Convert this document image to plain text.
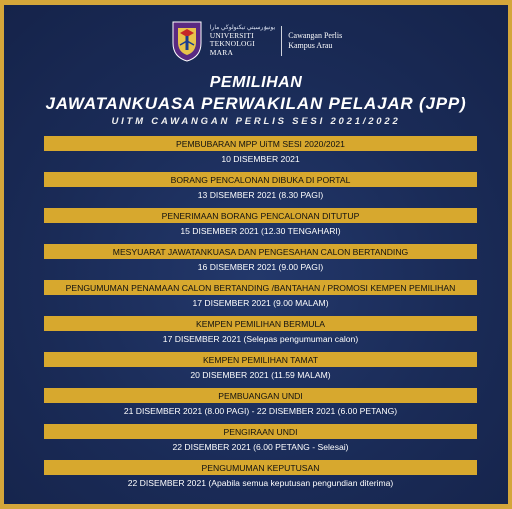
يونيۏرسيتي تيكنولوڬي مارا
UNIVERSITI
TEKNOLOGI
MARA
Cawangan Perlis
Kampus Arau
PEMILIHAN
JAWATANKUASA PERWAKILAN PELAJAR (JPP)
UITM CAWANGAN PERLIS SESI 2021/2022
PEMBUBARAN MPP UiTM SESI 2020/2021
10 DISEMBER 2021
BORANG PENCALONAN DIBUKA DI PORTAL
13 DISEMBER 2021 (8.30 PAGI)
PENERIMAAN BORANG PENCALONAN DITUTUP
15 DISEMBER 2021 (12.30 TENGAHARI)
MESYUARAT JAWATANKUASA DAN PENGESAHAN CALON BERTANDING
16 DISEMBER 2021 (9.00 PAGI)
PENGUMUMAN PENAMAAN CALON BERTANDING /BANTAHAN / PROMOSI KEMPEN PEMILIHAN
17 DISEMBER 2021 (9.00 MALAM)
KEMPEN PEMILIHAN BERMULA
17 DISEMBER 2021 (Selepas pengumuman calon)
KEMPEN PEMILIHAN TAMAT
20 DISEMBER 2021 (11.59 MALAM)
PEMBUANGAN UNDI
21 DISEMBER 2021 (8.00 PAGI) - 22 DISEMBER 2021 (6.00 PETANG)
PENGIRAAN UNDI
22 DISEMBER 2021 (6.00 PETANG - Selesai)
PENGUMUMAN KEPUTUSAN
22 DISEMBER 2021 (Apabila semua keputusan pengundian diterima)
